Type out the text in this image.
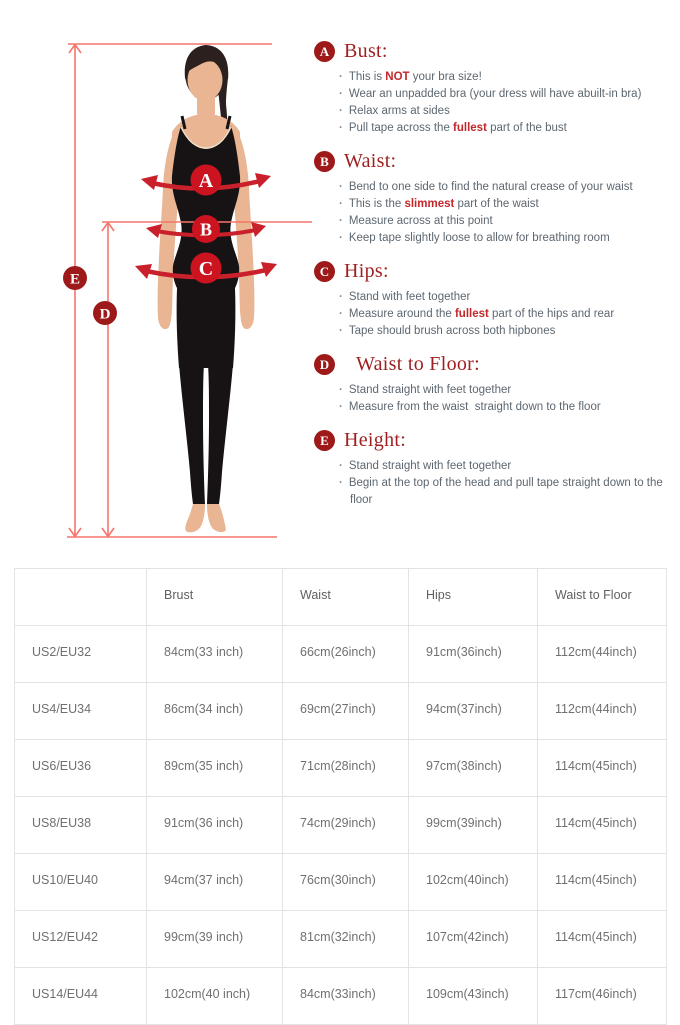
A
B
C
E
D
A Bust:
· This is NOT your bra size!
· Wear an unpadded bra (your dress will have abuilt-in bra)
· Relax arms at sides
· Pull tape across the fullest part of the bust
B Waist:
· Bend to one side to find the natural crease of your waist
· This is the slimmest part of the waist
· Measure across at this point
· Keep tape slightly loose to allow for breathing room
C Hips:
· Stand with feet together
· Measure around the fullest part of the hips and rear
· Tape should brush across both hipbones
D Waist to Floor:
· Stand straight with feet together
· Measure from the waist  straight down to the floor
E Height:
· Stand straight with feet together
· Begin at the top of the head and pull tape straight down to the floor
	Brust	Waist	Hips	Waist to Floor
US2/EU32	84cm(33 inch)	66cm(26inch)	91cm(36inch)	112cm(44inch)
US4/EU34	86cm(34 inch)	69cm(27inch)	94cm(37inch)	112cm(44inch)
US6/EU36	89cm(35 inch)	71cm(28inch)	97cm(38inch)	114cm(45inch)
US8/EU38	91cm(36 inch)	74cm(29inch)	99cm(39inch)	114cm(45inch)
US10/EU40	94cm(37 inch)	76cm(30inch)	102cm(40inch)	114cm(45inch)
US12/EU42	99cm(39 inch)	81cm(32inch)	107cm(42inch)	114cm(45inch)
US14/EU44	102cm(40 inch)	84cm(33inch)	109cm(43inch)	117cm(46inch)
